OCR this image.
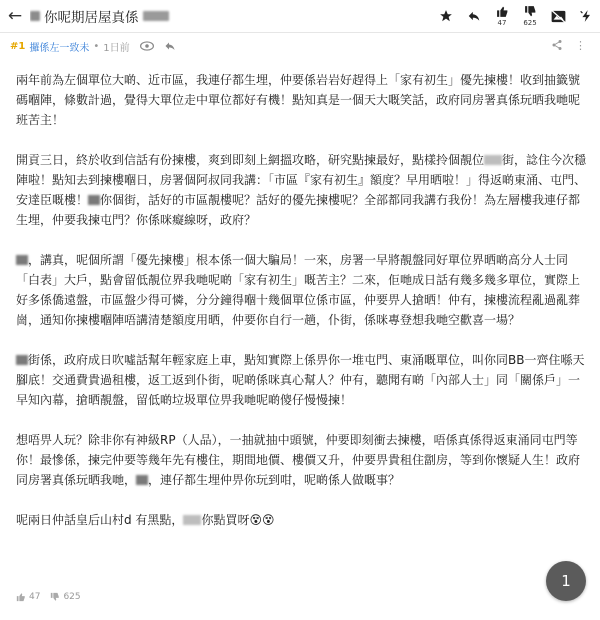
←	你呢期居屋真係	47 625
#1 攞係左一致未 • 1日前	⋮

兩年前為左個單位大啲、近市區，我連仔都生埋，仲要係岩岩好趕得上「家有初生」優先揀樓！收到抽籤號碼嗰陣，條數計過，覺得大單位走中單位都好有機！點知真是一個天大嘅笑話，政府同房署真係玩晒我哋呢班苦主！

開貢三日，終於收到信話有份揀樓，爽到即刻上網搵攻略，研究點揀最好，點樣拎個靚位 街，諗住今次穩陣啦！點知去到揀樓嗰日，房署個阿叔同我講：「市區『家有初生』額度？早用晒啦！」得返啲東涌、屯門、安達臣嘅樓！ 你個街，話好的市區靚樓呢？話好的優先揀樓呢？全部都同我講冇我份！為左層樓我連仔都生埋，仲要我揀屯門？你係咪癡線呀，政府？

，講真，呢個所謂「優先揀樓」根本係一個大騙局！一來，房署一早將靚盤同好單位界晒啲高分人士同「白表」大戶，點會留低靚位界我哋呢啲「家有初生」嘅苦主？二來，佢哋成日話有幾多幾多單位，實際上好多係僑遠盤，市區盤少得可憐，分分鐘得嗰十幾個單位係市區，仲要畀人搶晒！仲有，揀樓流程亂過亂葬崗，通知你揀樓嗰陣唔講清楚額度用晒，仲要你自行一趟，仆街，係咪專登想我哋空歡喜一場？

街係，政府成日吹噓話幫年輕家庭上車，點知實際上係畀你一堆屯門、東涌嘅單位，叫你同BB一齊住喺天腳底！交通費貴過租樓，返工返到仆街，呢啲係咪真心幫人？仲有，聽聞有啲「內部人士」同「關係戶」一早知內幕，搶晒靚盤，留低啲垃圾單位畀我哋呢啲傻仔慢慢揀！

想唔畀人玩？除非你有神級RP（人品），一抽就抽中頭號，仲要即刻衝去揀樓，唔係真係得返東涌同屯門等你！最慘係，揀完仲要等幾年先有樓住，期間地價、樓價又升，仲要畀貴租住劏房，等到你懷疑人生！政府同房署真係玩晒我哋， ，連仔都生埋仲畀你玩到咁，呢啲係人做嘅事？

呢兩日仲話皇后山村d 有黑點， 你點買呀😵😵

47	625
1
